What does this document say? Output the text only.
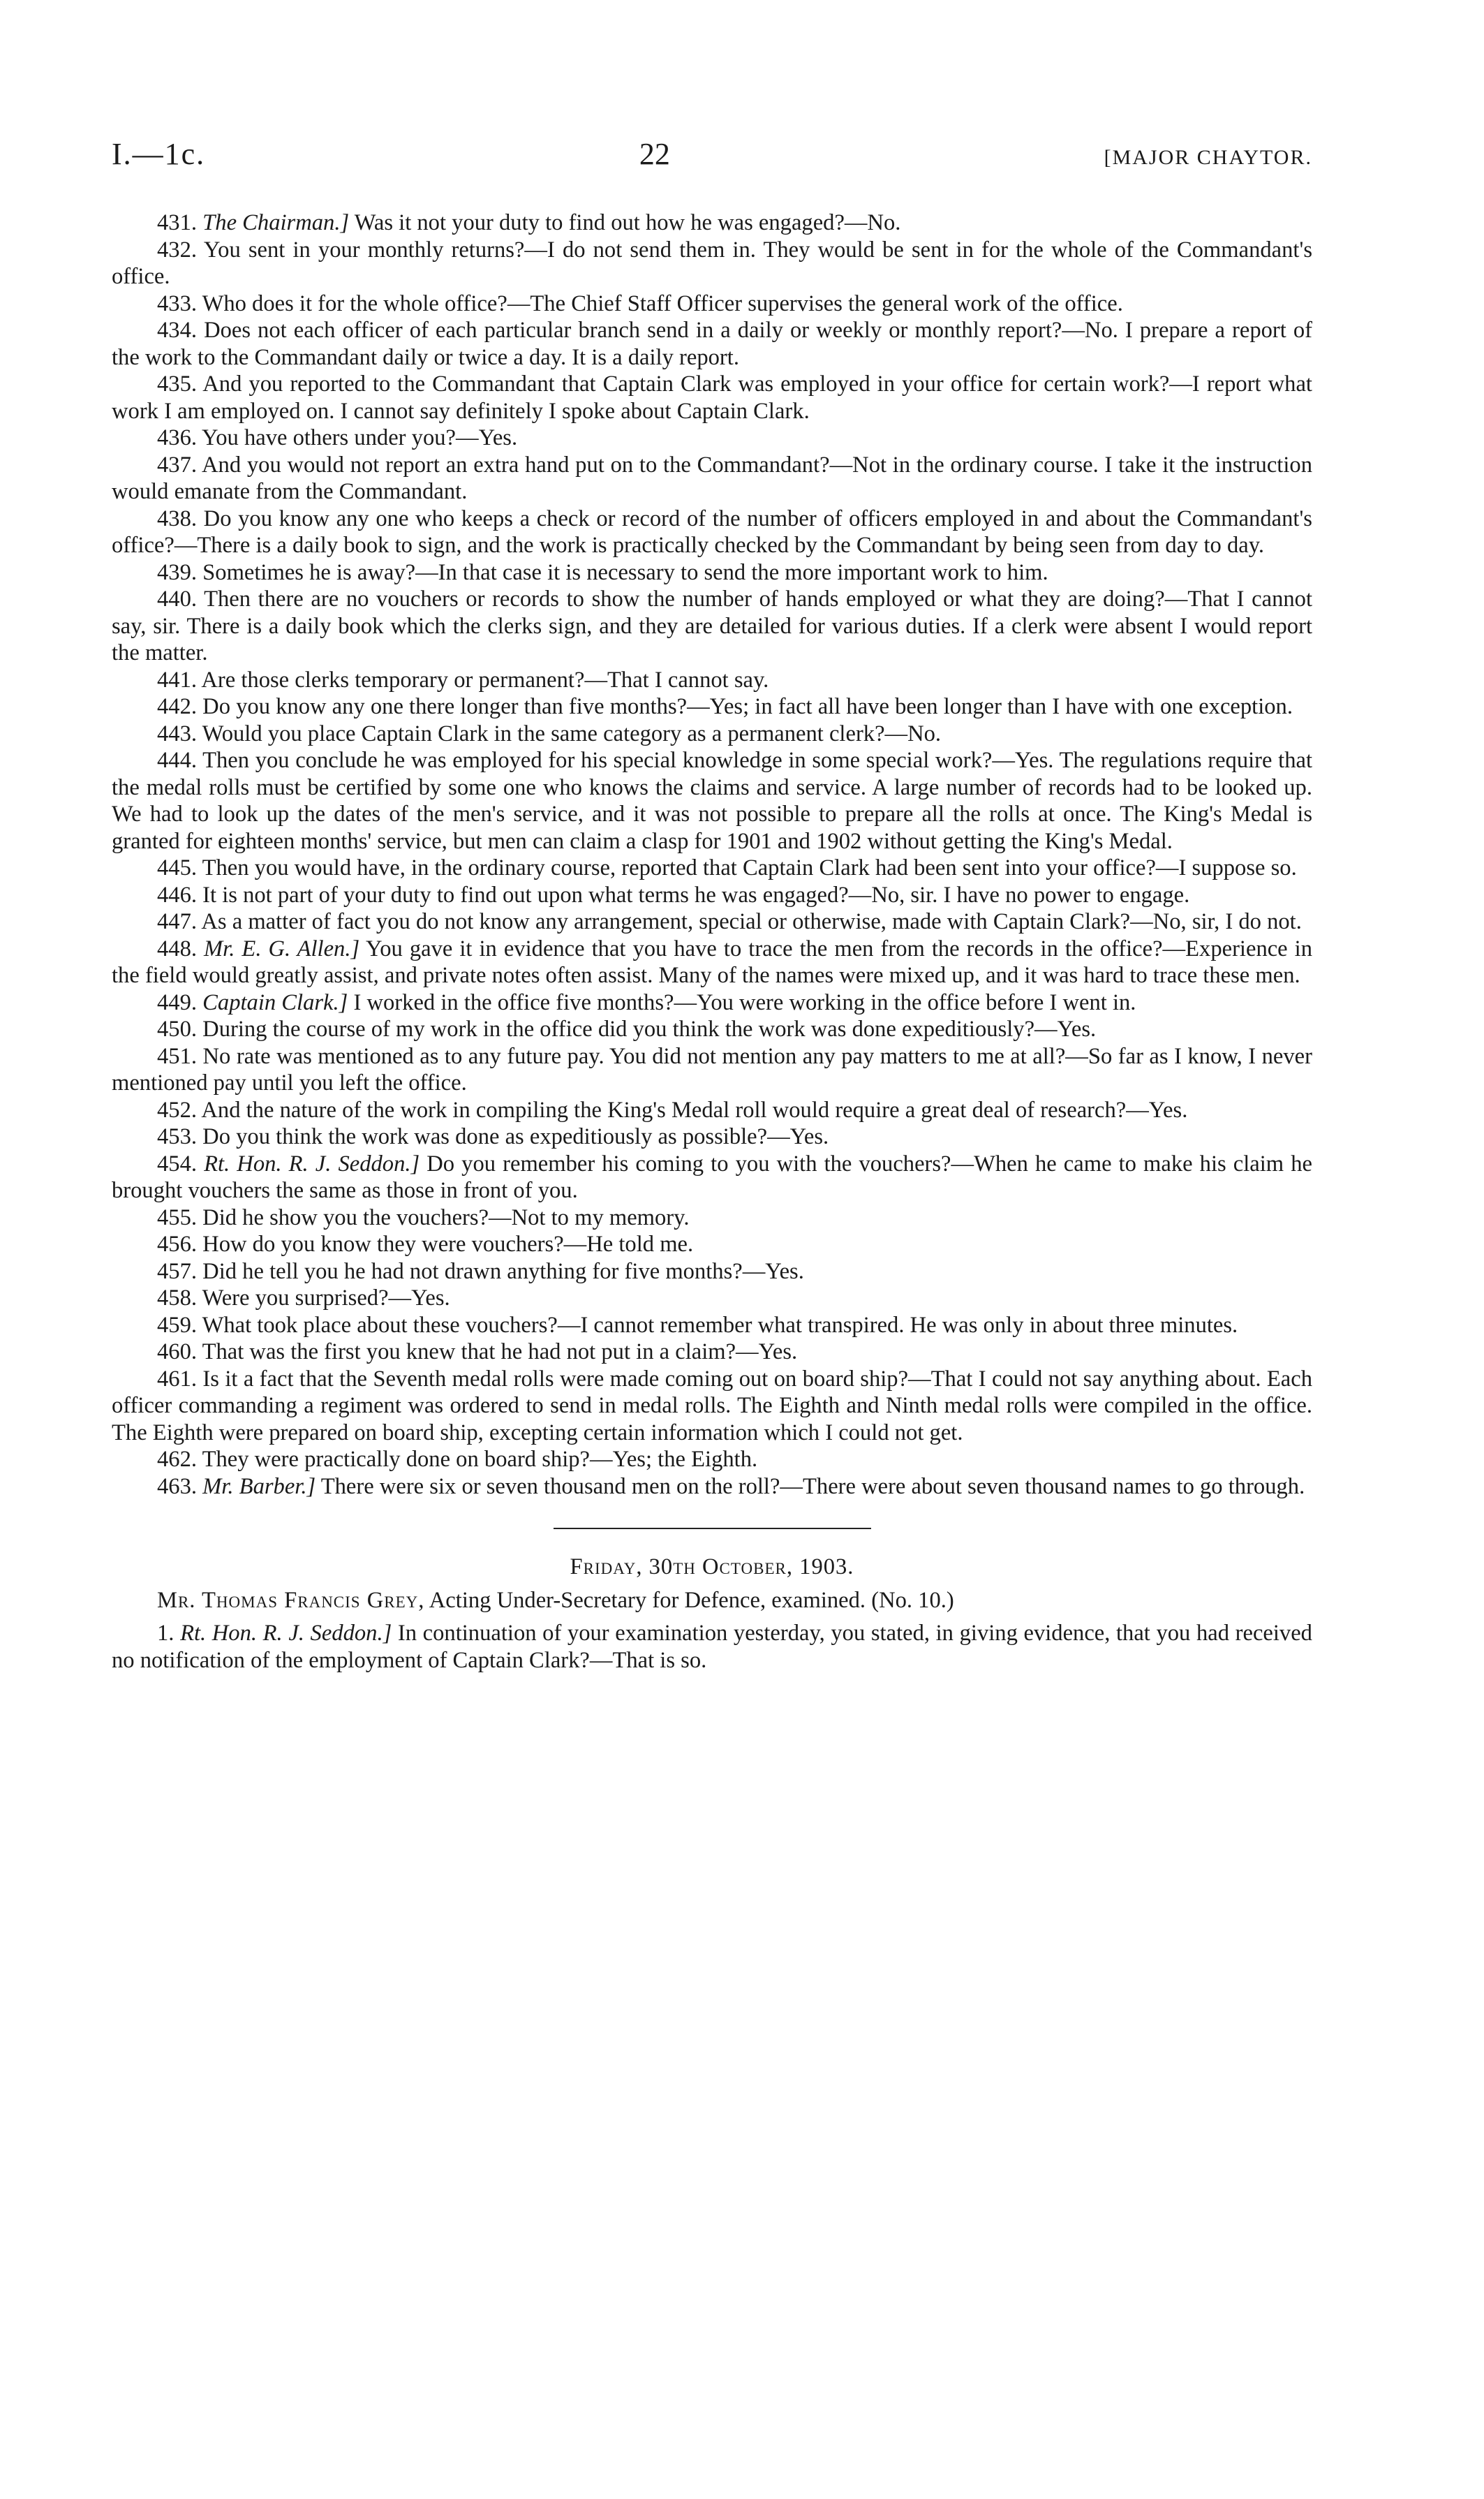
I.—1c.	22	[MAJOR CHAYTOR.

431. The Chairman.] Was it not your duty to find out how he was engaged?—No.

432. You sent in your monthly returns?—I do not send them in. They would be sent in for the whole of the Commandant's office.

433. Who does it for the whole office?—The Chief Staff Officer supervises the general work of the office.

434. Does not each officer of each particular branch send in a daily or weekly or monthly report?—No. I prepare a report of the work to the Commandant daily or twice a day. It is a daily report.

435. And you reported to the Commandant that Captain Clark was employed in your office for certain work?—I report what work I am employed on. I cannot say definitely I spoke about Captain Clark.

436. You have others under you?—Yes.

437. And you would not report an extra hand put on to the Commandant?—Not in the ordinary course. I take it the instruction would emanate from the Commandant.

438. Do you know any one who keeps a check or record of the number of officers employed in and about the Commandant's office?—There is a daily book to sign, and the work is practically checked by the Commandant by being seen from day to day.

439. Sometimes he is away?—In that case it is necessary to send the more important work to him.

440. Then there are no vouchers or records to show the number of hands employed or what they are doing?—That I cannot say, sir. There is a daily book which the clerks sign, and they are detailed for various duties. If a clerk were absent I would report the matter.

441. Are those clerks temporary or permanent?—That I cannot say.

442. Do you know any one there longer than five months?—Yes; in fact all have been longer than I have with one exception.

443. Would you place Captain Clark in the same category as a permanent clerk?—No.

444. Then you conclude he was employed for his special knowledge in some special work?—Yes. The regulations require that the medal rolls must be certified by some one who knows the claims and service. A large number of records had to be looked up. We had to look up the dates of the men's service, and it was not possible to prepare all the rolls at once. The King's Medal is granted for eighteen months' service, but men can claim a clasp for 1901 and 1902 without getting the King's Medal.

445. Then you would have, in the ordinary course, reported that Captain Clark had been sent into your office?—I suppose so.

446. It is not part of your duty to find out upon what terms he was engaged?—No, sir. I have no power to engage.

447. As a matter of fact you do not know any arrangement, special or otherwise, made with Captain Clark?—No, sir, I do not.

448. Mr. E. G. Allen.] You gave it in evidence that you have to trace the men from the records in the office?—Experience in the field would greatly assist, and private notes often assist. Many of the names were mixed up, and it was hard to trace these men.

449. Captain Clark.] I worked in the office five months?—You were working in the office before I went in.

450. During the course of my work in the office did you think the work was done expeditiously?—Yes.

451. No rate was mentioned as to any future pay. You did not mention any pay matters to me at all?—So far as I know, I never mentioned pay until you left the office.

452. And the nature of the work in compiling the King's Medal roll would require a great deal of research?—Yes.

453. Do you think the work was done as expeditiously as possible?—Yes.

454. Rt. Hon. R. J. Seddon.] Do you remember his coming to you with the vouchers?—When he came to make his claim he brought vouchers the same as those in front of you.

455. Did he show you the vouchers?—Not to my memory.

456. How do you know they were vouchers?—He told me.

457. Did he tell you he had not drawn anything for five months?—Yes.

458. Were you surprised?—Yes.

459. What took place about these vouchers?—I cannot remember what transpired. He was only in about three minutes.

460. That was the first you knew that he had not put in a claim?—Yes.

461. Is it a fact that the Seventh medal rolls were made coming out on board ship?—That I could not say anything about. Each officer commanding a regiment was ordered to send in medal rolls. The Eighth and Ninth medal rolls were compiled in the office. The Eighth were prepared on board ship, excepting certain information which I could not get.

462. They were practically done on board ship?—Yes; the Eighth.

463. Mr. Barber.] There were six or seven thousand men on the roll?—There were about seven thousand names to go through.

Friday, 30th October, 1903.
Mr. Thomas Francis Grey, Acting Under-Secretary for Defence, examined. (No. 10.)

1. Rt. Hon. R. J. Seddon.] In continuation of your examination yesterday, you stated, in giving evidence, that you had received no notification of the employment of Captain Clark?—That is so.
